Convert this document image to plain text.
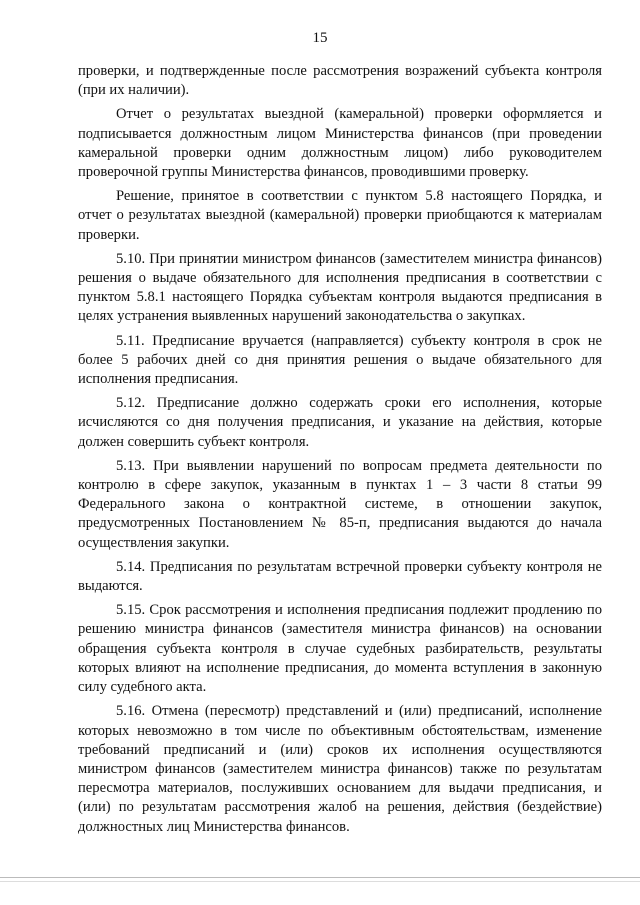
15

проверки, и подтвержденные после рассмотрения возражений субъекта контроля (при их наличии).

Отчет о результатах выездной (камеральной) проверки оформляется и подписывается должностным лицом Министерства финансов (при проведении камеральной проверки одним должностным лицом) либо руководителем проверочной группы Министерства финансов, проводившими проверку.

Решение, принятое в соответствии с пунктом 5.8 настоящего Порядка, и отчет о результатах выездной (камеральной) проверки приобщаются к материалам проверки.

5.10. При принятии министром финансов (заместителем министра финансов) решения о выдаче обязательного для исполнения предписания в соответствии с пунктом 5.8.1 настоящего Порядка субъектам контроля выдаются предписания в целях устранения выявленных нарушений законодательства о закупках.

5.11. Предписание вручается (направляется) субъекту контроля в срок не более 5 рабочих дней со дня принятия решения о выдаче обязательного для исполнения предписания.

5.12. Предписание должно содержать сроки его исполнения, которые исчисляются со дня получения предписания, и указание на действия, которые должен совершить субъект контроля.

5.13. При выявлении нарушений по вопросам предмета деятельности по контролю в сфере закупок, указанным в пунктах 1 – 3 части 8 статьи 99 Федерального закона о контрактной системе, в отношении закупок, предусмотренных Постановлением № 85-п, предписания выдаются до начала осуществления закупки.

5.14. Предписания по результатам встречной проверки субъекту контроля не выдаются.

5.15. Срок рассмотрения и исполнения предписания подлежит продлению по решению министра финансов (заместителя министра финансов) на основании обращения субъекта контроля в случае судебных разбирательств, результаты которых влияют на исполнение предписания, до момента вступления в законную силу судебного акта.

5.16. Отмена (пересмотр) представлений и (или) предписаний, исполнение которых невозможно в том числе по объективным обстоятельствам, изменение требований предписаний и (или) сроков их исполнения осуществляются министром финансов (заместителем министра финансов) также по результатам пересмотра материалов, послуживших основанием для выдачи предписания, и (или) по результатам рассмотрения жалоб на решения, действия (бездействие) должностных лиц Министерства финансов.
